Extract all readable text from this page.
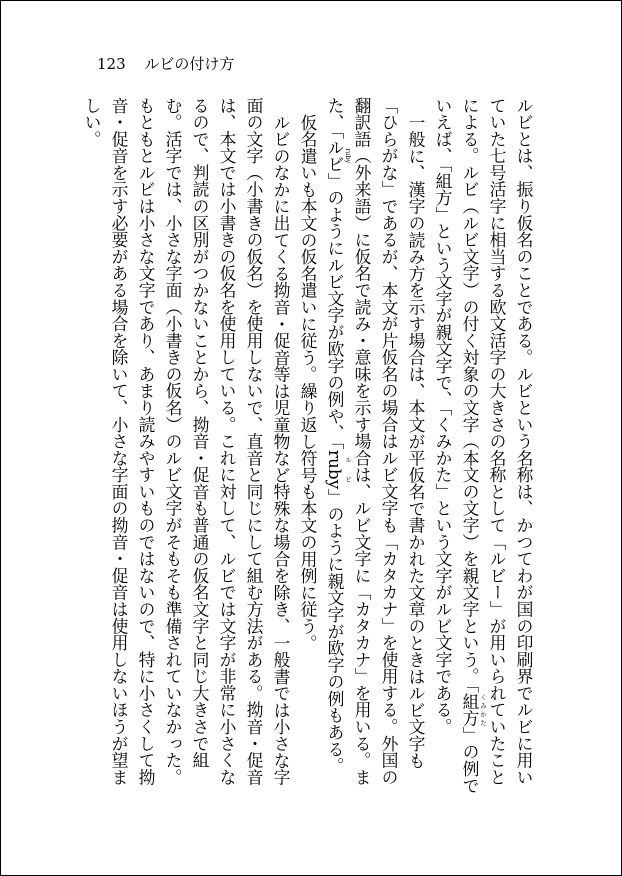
123 ルビの付け方

ルビとは、振り仮名のことである。ルビという名称は、かつてわが国の印刷界でルビに用いていた七号活字に相当する欧文活字の大きさの名称として「ルビー」が用いられていたことによる。ルビ（ルビ文字）の付く対象の文字（本文の文字）を親文字という。「組方 くみかた」の例でいえば、「組方」という文字が親文字で、「くみかた」という文字がルビ文字である。

一般に、漢字の読み方を示す場合は、本文が平仮名で書かれた文章のときはルビ文字も「ひらがな」であるが、本文が片仮名の場合はルビ文字も「カタカナ」を使用する。外国の翻訳語（外来語）に仮名で読み・意味を示す場合は、ルビ文字に「カタカナ」を用いる。また、「ルビ ruby」のようにルビ文字が欧字の例や、「ruby ルビ」のように親文字が欧字の例もある。

仮名遣いも本文の仮名遣いに従う。繰り返し符号も本文の用例に従う。

ルビのなかに出てくる拗音・促音等は児童物など特殊な場合を除き、一般書では小さな字面の文字（小書きの仮名）を使用しないで、直音と同じにして組む方法がある。拗音・促音は、本文では小書きの仮名を使用している。これに対して、ルビでは文字が非常に小さくなるので、判読の区別がつかないことから、拗音・促音も普通の仮名文字と同じ大きさで組む。活字では、小さな字面（小書きの仮名）のルビ文字がそもそも準備されていなかった。もともとルビは小さな文字であり、あまり読みやすいものではないので、特に小さくして拗音・促音を示す必要がある場合を除いて、小さな字面の拗音・促音は使用しないほうが望ましい。
